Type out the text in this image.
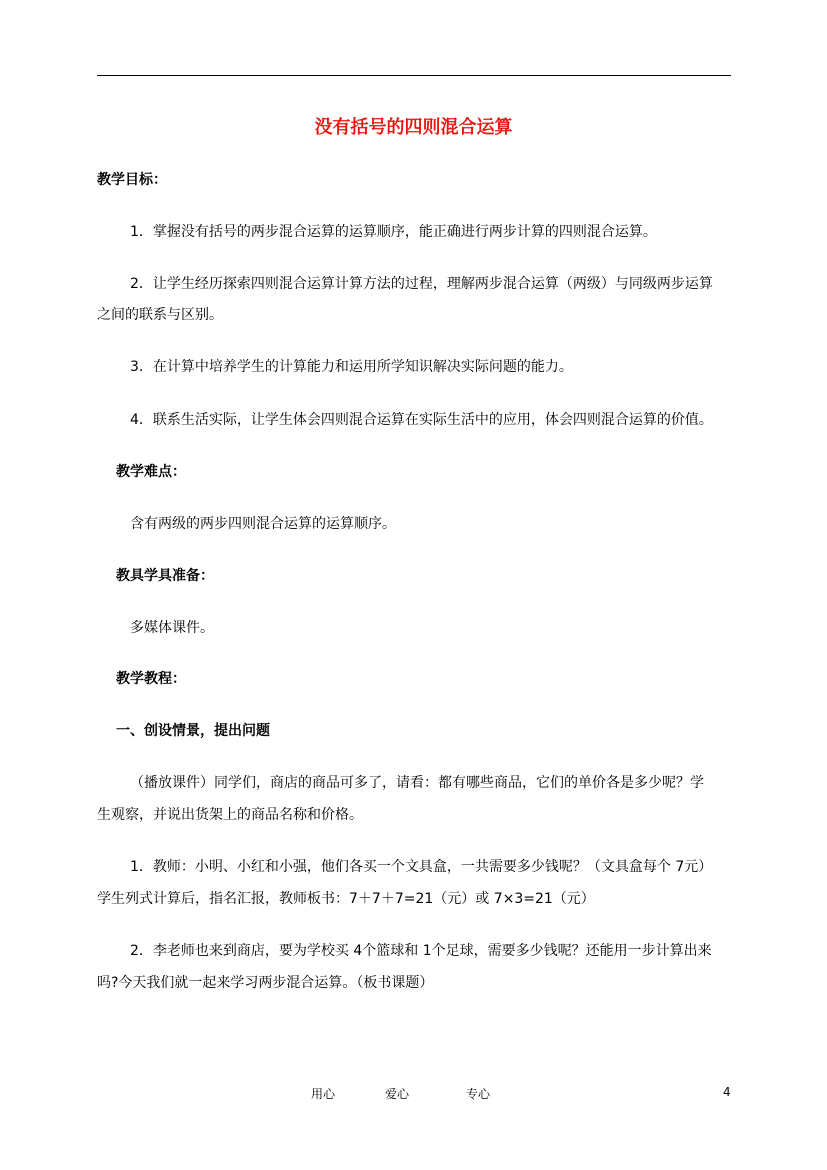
没有括号的四则混合运算
教学目标：
1．掌握没有括号的两步混合运算的运算顺序，能正确进行两步计算的四则混合运算。
2．让学生经历探索四则混合运算计算方法的过程，理解两步混合运算（两级）与同级两步运算
之间的联系与区别。
3．在计算中培养学生的计算能力和运用所学知识解决实际问题的能力。
4．联系生活实际，让学生体会四则混合运算在实际生活中的应用，体会四则混合运算的价值。
教学难点：
含有两级的两步四则混合运算的运算顺序。
教具学具准备：
多媒体课件。
教学教程：
一、创设情景，提出问题
（播放课件）同学们，商店的商品可多了，请看：都有哪些商品，它们的单价各是多少呢？学
生观察，并说出货架上的商品名称和价格。
1．教师：小明、小红和小强，他们各买一个文具盒，一共需要多少钱呢？（文具盒每个 7元）
学生列式计算后，指名汇报，教师板书：7＋7＋7=21（元）或 7×3=21（元）
2．李老师也来到商店，要为学校买 4个篮球和 1个足球，需要多少钱呢？还能用一步计算出来
吗?今天我们就一起来学习两步混合运算。（板书课题）
用心	爱心	专心	4
